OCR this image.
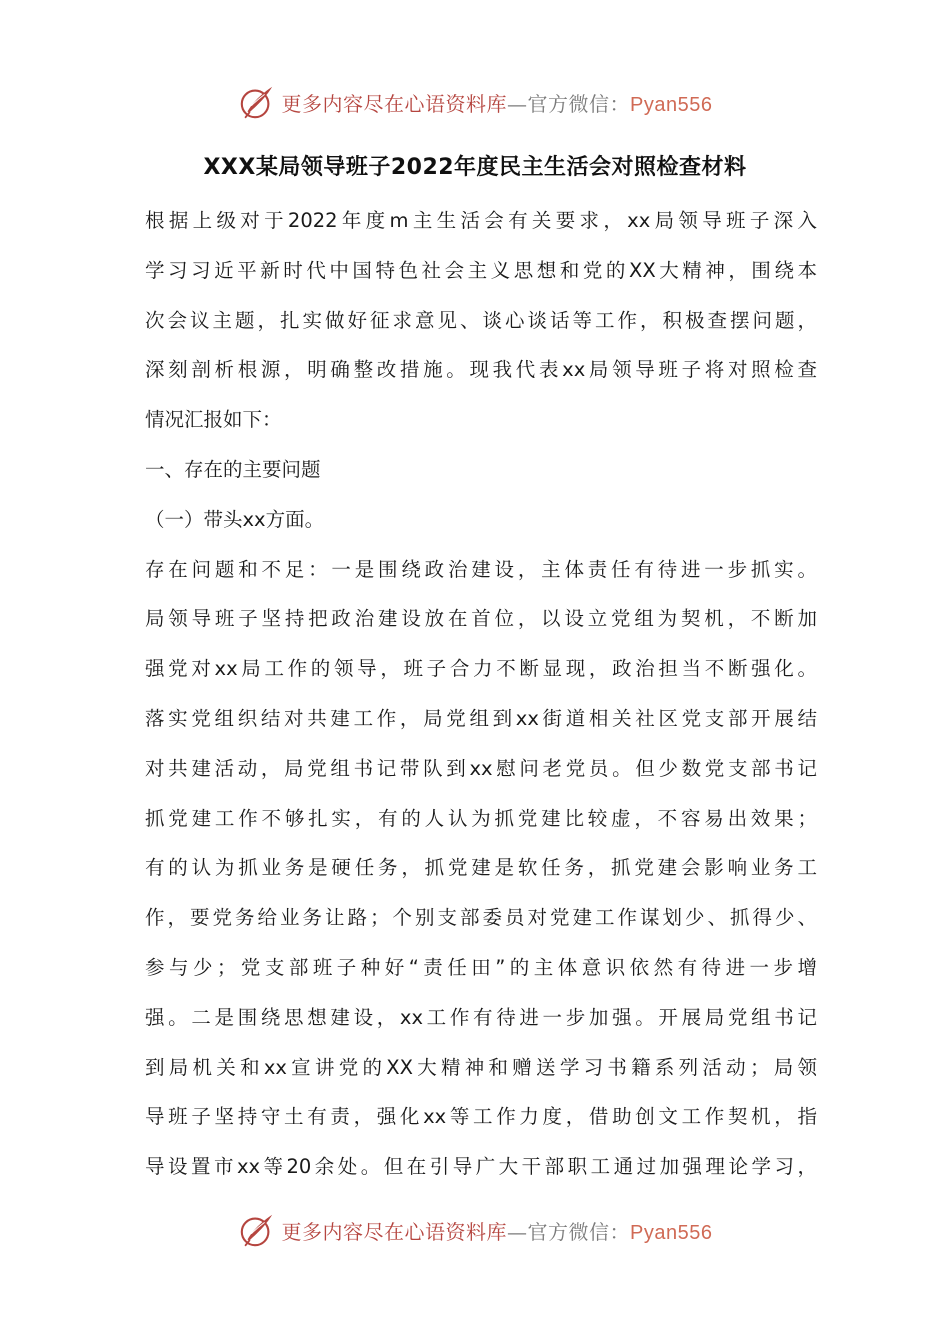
更多内容尽在心语资料库—官方微信：Pyan556
XXX某局领导班子2022年度民主生活会对照检查材料
根据上级对于2022年度m主生活会有关要求，xx局领导班子深入
学习习近平新时代中国特色社会主义思想和党的XX大精神，围绕本
次会议主题，扎实做好征求意见、谈心谈话等工作，积极查摆问题，
深刻剖析根源，明确整改措施。现我代表xx局领导班子将对照检查
情况汇报如下：
一、存在的主要问题
（一）带头xx方面。
存在问题和不足：一是围绕政治建设，主体责任有待进一步抓实。
局领导班子坚持把政治建设放在首位，以设立党组为契机，不断加
强党对xx局工作的领导，班子合力不断显现，政治担当不断强化。
落实党组织结对共建工作，局党组到xx街道相关社区党支部开展结
对共建活动，局党组书记带队到xx慰问老党员。但少数党支部书记
抓党建工作不够扎实，有的人认为抓党建比较虚，不容易出效果；
有的认为抓业务是硬任务，抓党建是软任务，抓党建会影响业务工
作，要党务给业务让路；个别支部委员对党建工作谋划少、抓得少、
参与少；党支部班子种好“责任田”的主体意识依然有待进一步增
强。二是围绕思想建设，xx工作有待进一步加强。开展局党组书记
到局机关和xx宣讲党的XX大精神和赠送学习书籍系列活动；局领
导班子坚持守土有责，强化xx等工作力度，借助创文工作契机，指
导设置市xx等20余处。但在引导广大干部职工通过加强理论学习，
更多内容尽在心语资料库—官方微信：Pyan556
